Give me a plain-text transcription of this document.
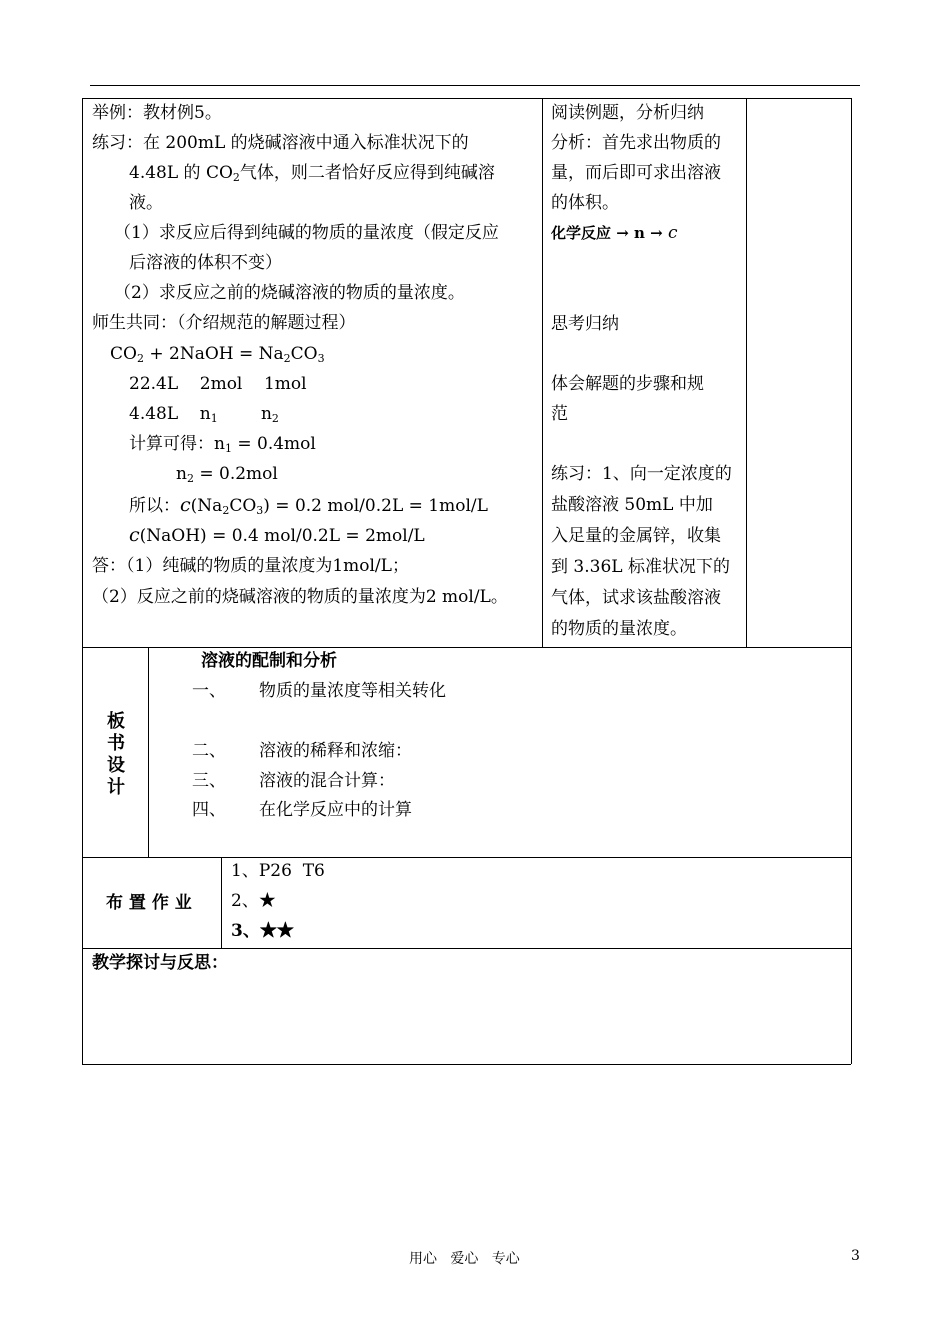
举例：教材例5。
练习：在 200mL 的烧碱溶液中通入标准状况下的
4.48L 的 $CO_2$气体，则二者恰好反应得到纯碱溶
液。
（1）求反应后得到纯碱的物质的量浓度（假定反应
后溶液的体积不变）
（2）求反应之前的烧碱溶液的物质的量浓度。
师生共同：（介绍规范的解题过程）
$CO_2$ + 2NaOH = $Na_2CO_3$
22.4L    2mol    1mol
4.48L    $n_1$        $n_2$
计算可得：$n_1 = 0.4mol$
$n_2 = 0.2mol$
所以：$c(Na_2CO_3) = 0.2$ mol/0.2L = 1mol/L
c(NaOH) = 0.4 mol/0.2L = 2mol/L
答：（1）纯碱的物质的量浓度为1mol/L；
（2）反应之前的烧碱溶液的物质的量浓度为2 mol/L。
阅读例题，分析归纳
分析：首先求出物质的
量，而后即可求出溶液
的体积。
化学反应 → n → c
思考归纳
体会解题的步骤和规
范
练习：1、向一定浓度的
盐酸溶液 50mL 中加
入足量的金属锌，收集
到 3.36L 标准状况下的
气体，试求该盐酸溶液
的物质的量浓度。
板
书
设
计
溶液的配制和分析
一、 物质的量浓度等相关转化
二、 溶液的稀释和浓缩：
三、 溶液的混合计算：
四、 在化学反应中的计算
布 置 作 业
1、P26  T6
2、★
3、★★
教学探讨与反思：
用心   爱心   专心	3
